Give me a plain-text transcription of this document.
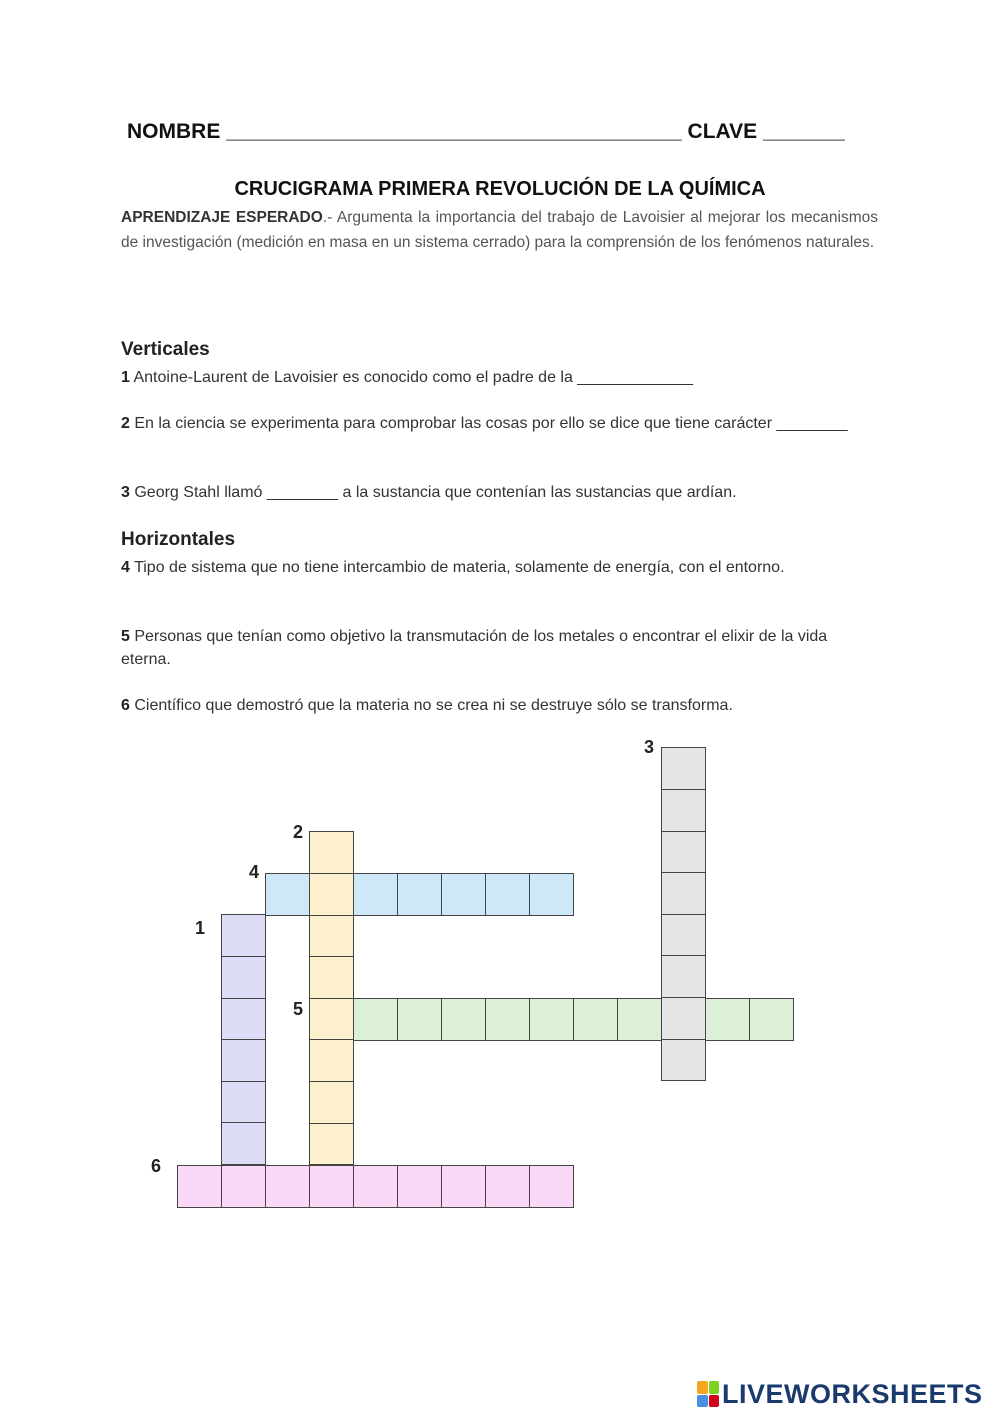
NOMBRE _______________________________________ CLAVE _______
CRUCIGRAMA PRIMERA REVOLUCIÓN DE LA QUÍMICA
APRENDIZAJE ESPERADO.- Argumenta la importancia del trabajo de Lavoisier al mejorar los mecanismos de investigación (medición en masa en un sistema cerrado) para la comprensión de los fenómenos naturales.
Verticales
1 Antoine-Laurent de Lavoisier es conocido como el padre de la _____________
2 En la ciencia se experimenta para comprobar las cosas por ello se dice que tiene carácter ________
3 Georg Stahl llamó ________ a la sustancia que contenían las sustancias que ardían.
Horizontales
4 Tipo de sistema que no tiene intercambio de materia, solamente de energía, con el entorno.
5 Personas que tenían como objetivo la transmutación de los metales o encontrar el elixir de la vida eterna.
6 Científico que demostró que la materia no se crea ni se destruye sólo se transforma.
1
2
3
4
5
6
LIVEWORKSHEETS
